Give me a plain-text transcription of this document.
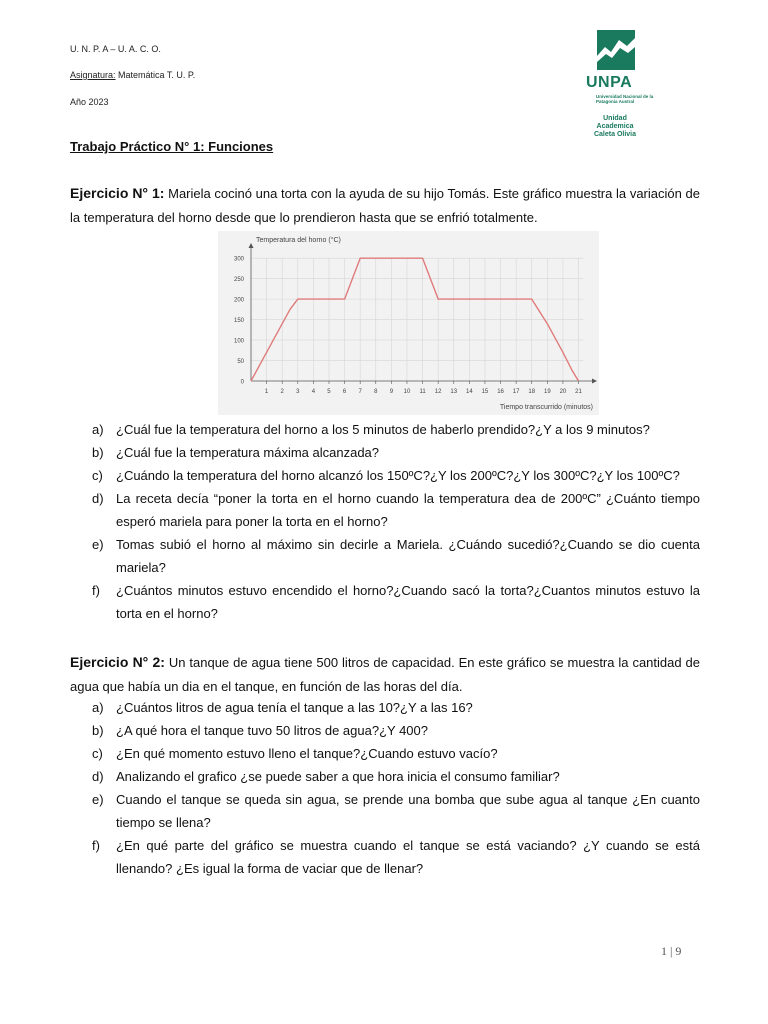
U. N. P. A – U. A. C. O.
Asignatura: Matemática T. U. P.
Año 2023
UNPA
Universidad Nacional de la Patagonia Austral
Unidad Academica Caleta Olivia
Trabajo Práctico N° 1: Funciones
Ejercicio N° 1: Mariela cocinó una torta con la ayuda de su hijo Tomás. Este gráfico muestra la variación de la temperatura del horno desde que lo prendieron hasta que se enfrió totalmente.
Temperatura del horno (°C)
Tiempo transcurrido (minutos)
0
50
100
150
200
250
300
1 2 3 4 5 6 7 8 9 10 11 12 13 14 15 16 17 18 19 20 21
a) ¿Cuál fue la temperatura del horno a los 5 minutos de haberlo prendido?¿Y a los 9 minutos?
b) ¿Cuál fue la temperatura máxima alcanzada?
c) ¿Cuándo la temperatura del horno alcanzó los 150ºC?¿Y los 200ºC?¿Y los 300ºC?¿Y los 100ºC?
d) La receta decía “poner la torta en el horno cuando la temperatura dea de 200ºC” ¿Cuánto tiempo esperó mariela para poner la torta en el horno?
e) Tomas subió el horno al máximo sin decirle a Mariela. ¿Cuándo sucedió?¿Cuando se dio cuenta mariela?
f) ¿Cuántos minutos estuvo encendido el horno?¿Cuando sacó la torta?¿Cuantos minutos estuvo la torta en el horno?
Ejercicio N° 2: Un tanque de agua tiene 500 litros de capacidad. En este gráfico se muestra la cantidad de agua que había un dia en el tanque, en función de las horas del día.
a) ¿Cuántos litros de agua tenía el tanque a las 10?¿Y a las 16?
b) ¿A qué hora el tanque tuvo 50 litros de agua?¿Y 400?
c) ¿En qué momento estuvo lleno el tanque?¿Cuando estuvo vacío?
d) Analizando el grafico ¿se puede saber a que hora inicia el consumo familiar?
e) Cuando el tanque se queda sin agua, se prende una bomba que sube agua al tanque ¿En cuanto tiempo se llena?
f) ¿En qué parte del gráfico se muestra cuando el tanque se está vaciando? ¿Y cuando se está llenando? ¿Es igual la forma de vaciar que de llenar?
1 | 9
